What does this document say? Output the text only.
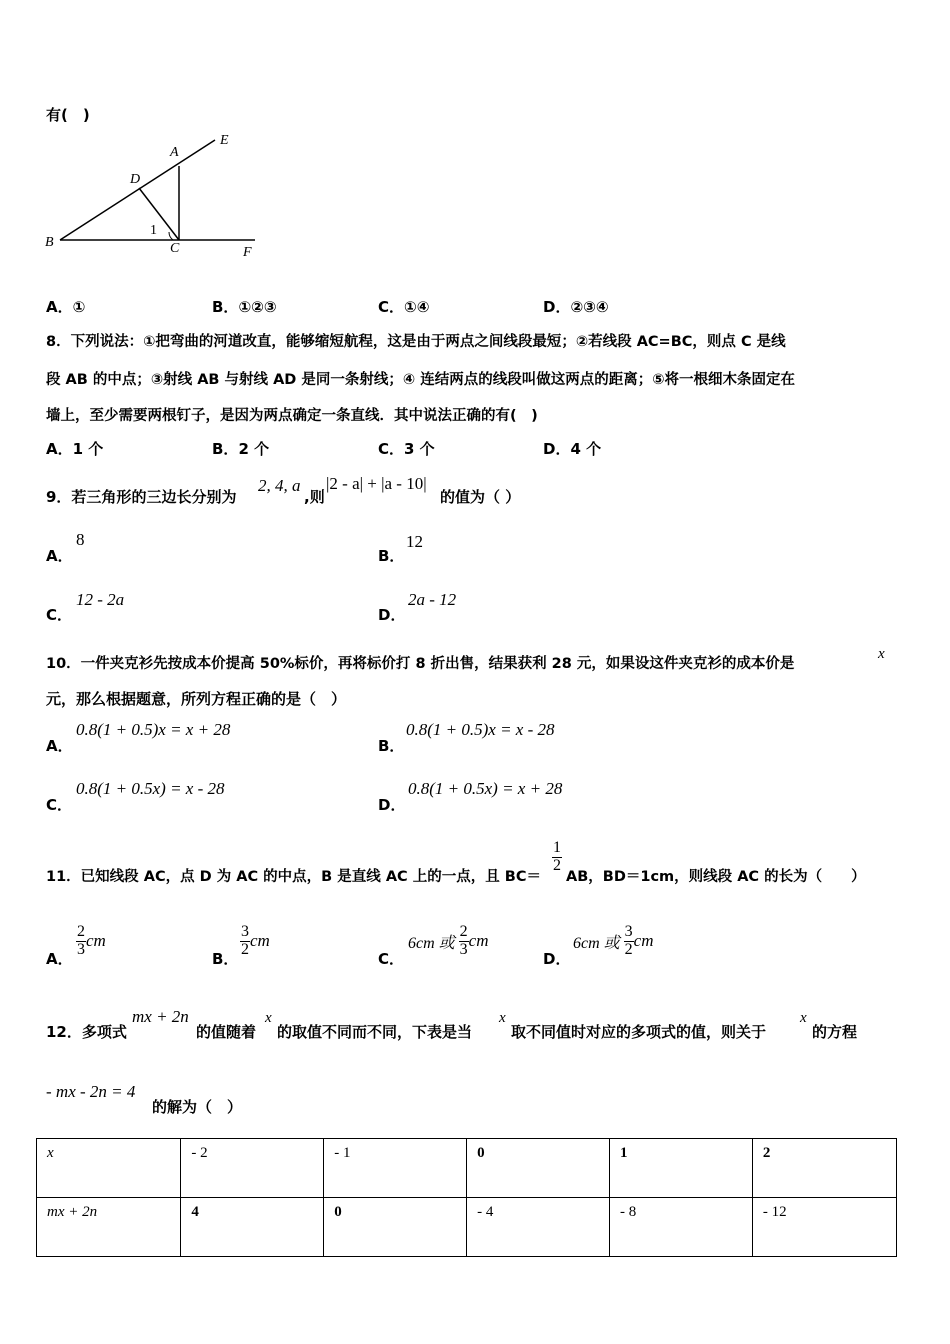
有(　)
A
E
D
B	C	F
1
A．①	B．①②③	C．①④	D．②③④
8．下列说法：①把弯曲的河道改直，能够缩短航程，这是由于两点之间线段最短；②若线段 AC=BC，则点 C 是线
段 AB 的中点；③射线 AB 与射线 AD 是同一条射线；④ 连结两点的线段叫做这两点的距离；⑤将一根细木条固定在
墙上，至少需要两根钉子，是因为两点确定一条直线．其中说法正确的有(　)
A．1 个	B．2 个	C．3 个	D．4 个
9．若三角形的三边长分别为
2, 4, a
,则
|2 - a| + |a - 10|
的值为（ ）
A．
8
B．
12
C．
12 - 2a
D．
2a - 12
10．一件夹克衫先按成本价提高 50%标价，再将标价打 8 折出售，结果获利 28 元，如果设这件夹克衫的成本价是
x
元，那么根据题意，所列方程正确的是（　）
A．
0.8(1 + 0.5)x = x + 28
B．
0.8(1 + 0.5)x = x - 28
C．
0.8(1 + 0.5x) = x - 28
D．
0.8(1 + 0.5x) = x + 28
11．已知线段 AC，点 D 为 AC 的中点，B 是直线 AC 上的一点，且 BC＝
$\frac{1}{2}$
AB，BD＝1cm，则线段 AC 的长为（　　）
A．
$\frac{2}{3}$ cm
B．
$\frac{3}{2}$ cm
C．
6cm 或 $\frac{2}{3}$ cm
D．
6cm 或 $\frac{3}{2}$ cm
12．多项式
mx + 2n
的值随着
x
的取值不同而不同，下表是当
x
取不同值时对应的多项式的值，则关于
x
的方程
- mx - 2n = 4
的解为（　）
x	- 2	- 1	0	1	2
mx + 2n	4	0	- 4	- 8	- 12
